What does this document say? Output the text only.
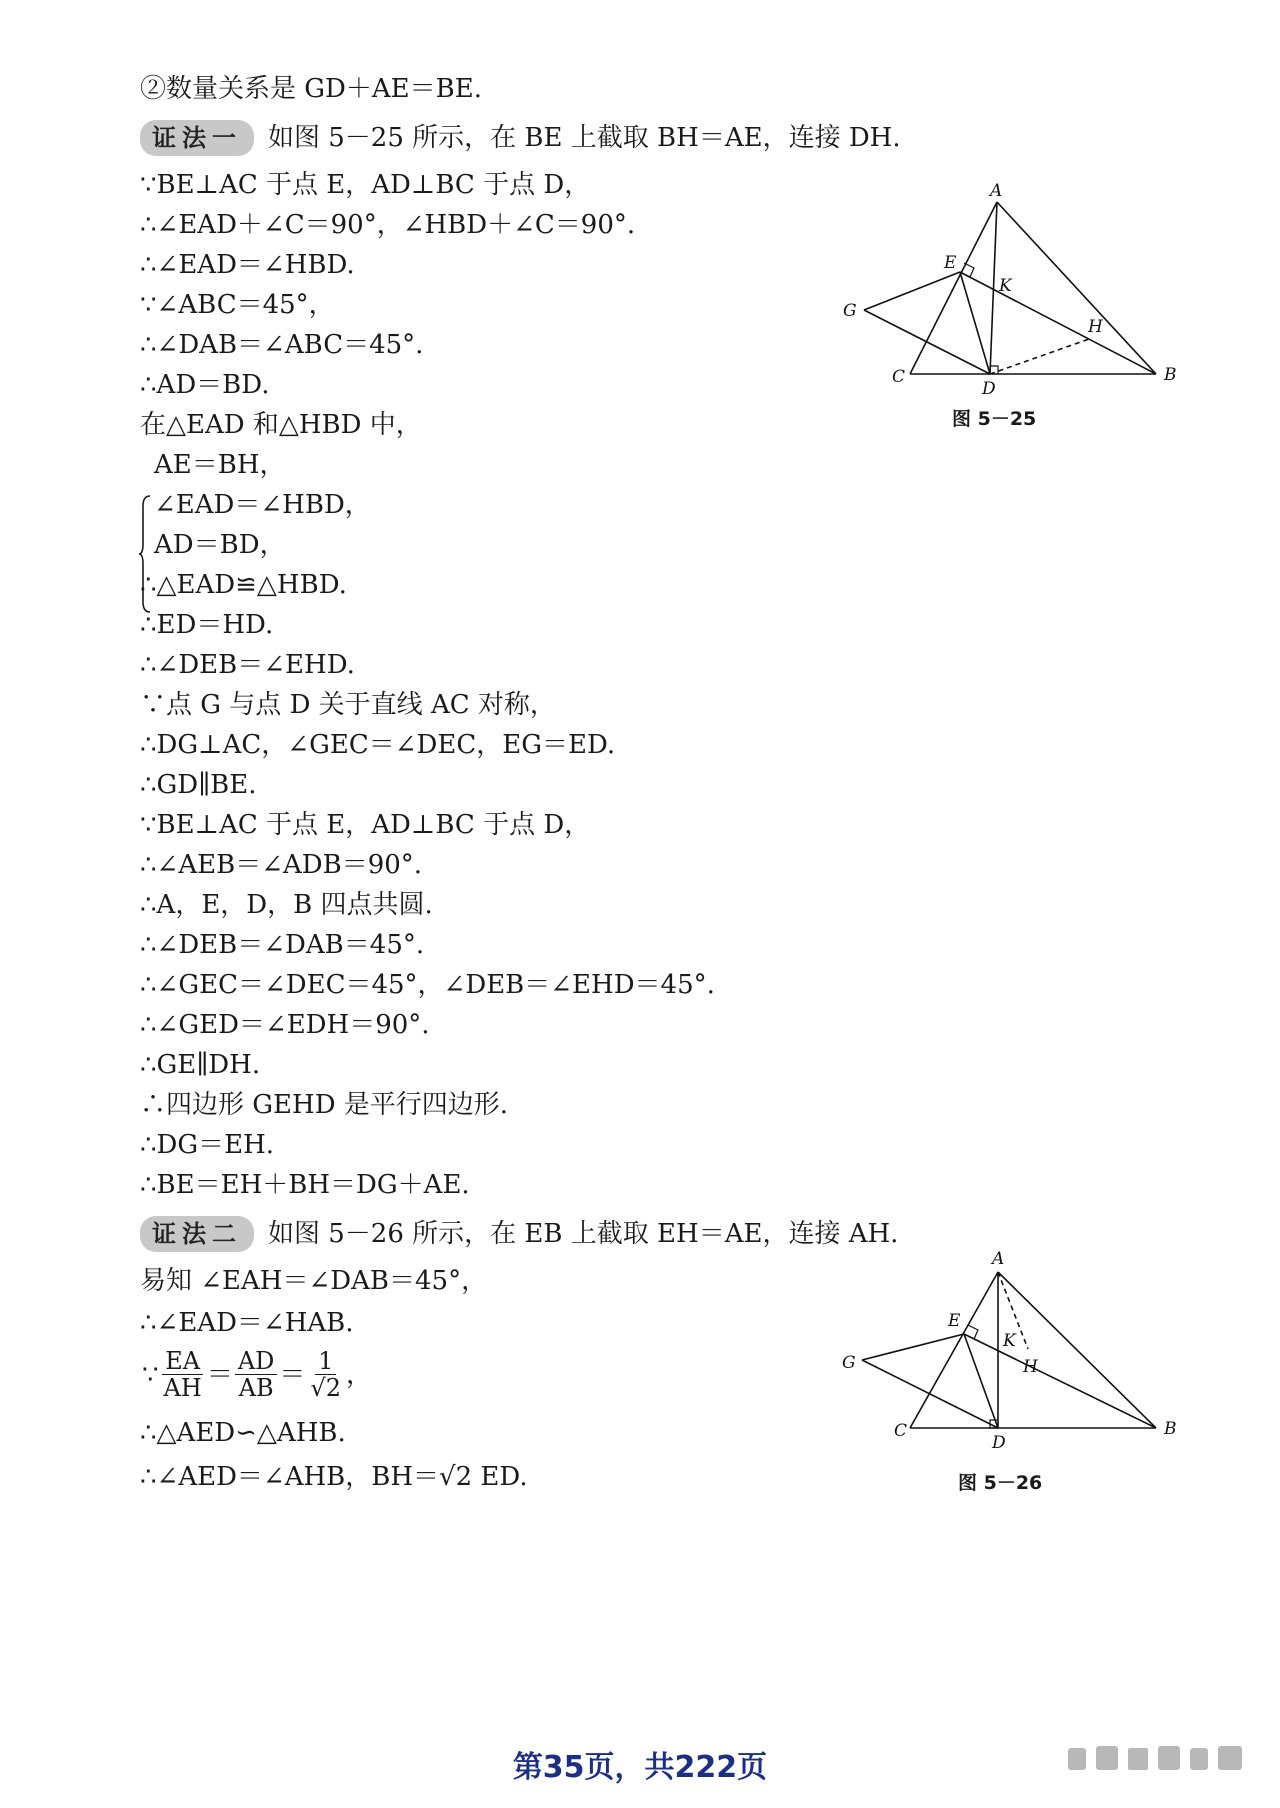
②数量关系是 GD＋AE＝BE.
证法一 如图 5－25 所示，在 BE 上截取 BH＝AE，连接 DH.
∵BE⊥AC 于点 E，AD⊥BC 于点 D，
∴∠EAD＋∠C＝90°，∠HBD＋∠C＝90°.
∴∠EAD＝∠HBD.
∵∠ABC＝45°，
∴∠DAB＝∠ABC＝45°.
∴AD＝BD.
在△EAD 和△HBD 中，
AE＝BH，
∠EAD＝∠HBD，
AD＝BD，
∴△EAD≌△HBD.
∴ED＝HD.
∴∠DEB＝∠EHD.
∵点 G 与点 D 关于直线 AC 对称，
∴DG⊥AC，∠GEC＝∠DEC，EG＝ED.
∴GD∥BE.
∵BE⊥AC 于点 E，AD⊥BC 于点 D，
∴∠AEB＝∠ADB＝90°.
∴A，E，D，B 四点共圆.
∴∠DEB＝∠DAB＝45°.
∴∠GEC＝∠DEC＝45°，∠DEB＝∠EHD＝45°.
∴∠GED＝∠EDH＝90°.
∴GE∥DH.
∴四边形 GEHD 是平行四边形.
∴DG＝EH.
∴BE＝EH＋BH＝DG＋AE.
证法二 如图 5－26 所示，在 EB 上截取 EH＝AE，连接 AH.
易知 ∠EAH＝∠DAB＝45°，
∴∠EAD＝∠HAB.
∵ $\frac{EA}{AH} = \frac{AD}{AB} = \frac{1}{√2}$ ，
∴△AED∽△AHB.
∴∠AED＝∠AHB，BH＝√2 ED.
A
E
K
G
H
C
D
B
图 5－25
A
E
K
G	H
C
D
B
图 5－26
第35页，共222页
